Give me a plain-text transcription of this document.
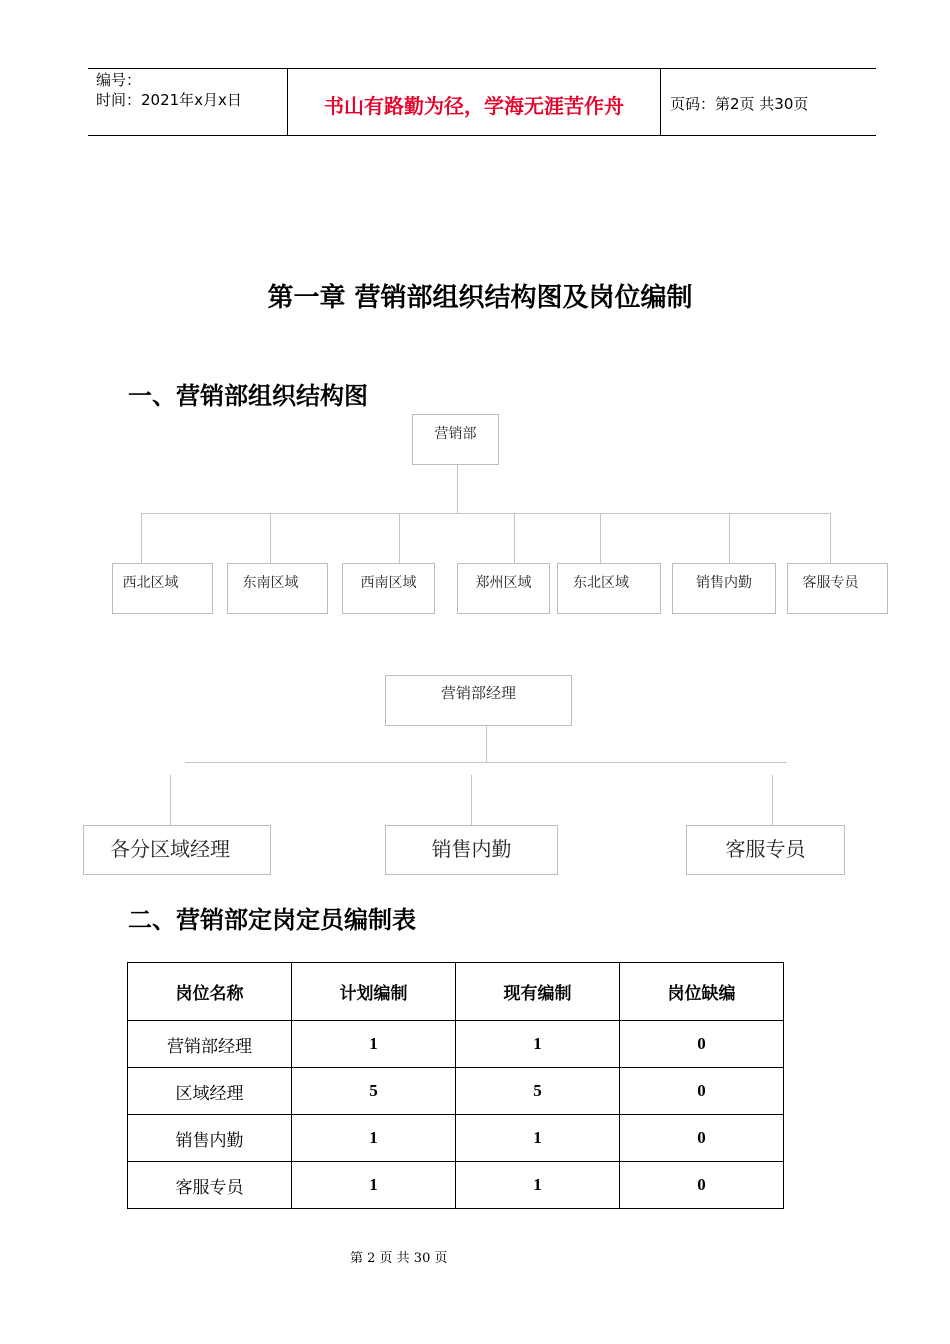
编号：
时间：2021年x月x日	书山有路勤为径，学海无涯苦作舟	页码：第2页 共30页
第一章 营销部组织结构图及岗位编制
一、营销部组织结构图
营销部
西北区域	东南区域	西南区域	郑州区域	东北区域	销售内勤	客服专员
营销部经理
各分区域经理	销售内勤	客服专员
二、营销部定岗定员编制表
岗位名称	计划编制	现有编制	岗位缺编
营销部经理	1	1	0
区域经理	5	5	0
销售内勤	1	1	0
客服专员	1	1	0
第 2 页 共 30 页
